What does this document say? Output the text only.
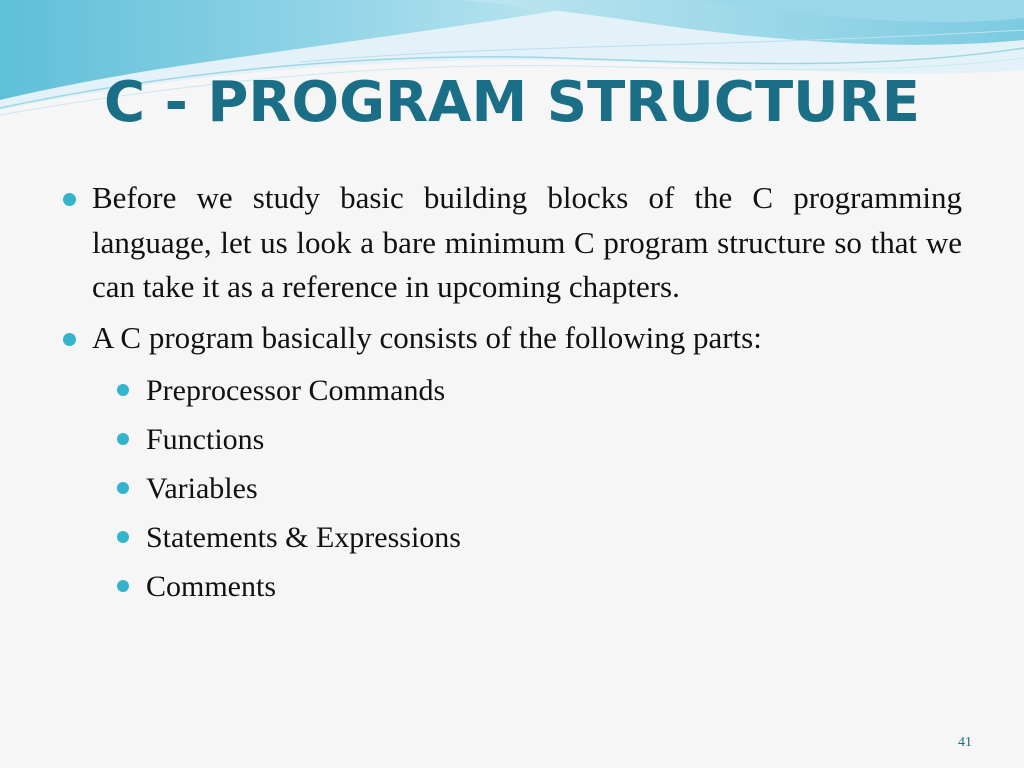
C - PROGRAM STRUCTURE
Before we study basic building blocks of the C programming language, let us look a bare minimum C program structure so that we can take it as a reference in upcoming chapters.
A C program basically consists of the following parts:
Preprocessor Commands
Functions
Variables
Statements & Expressions
Comments
41
